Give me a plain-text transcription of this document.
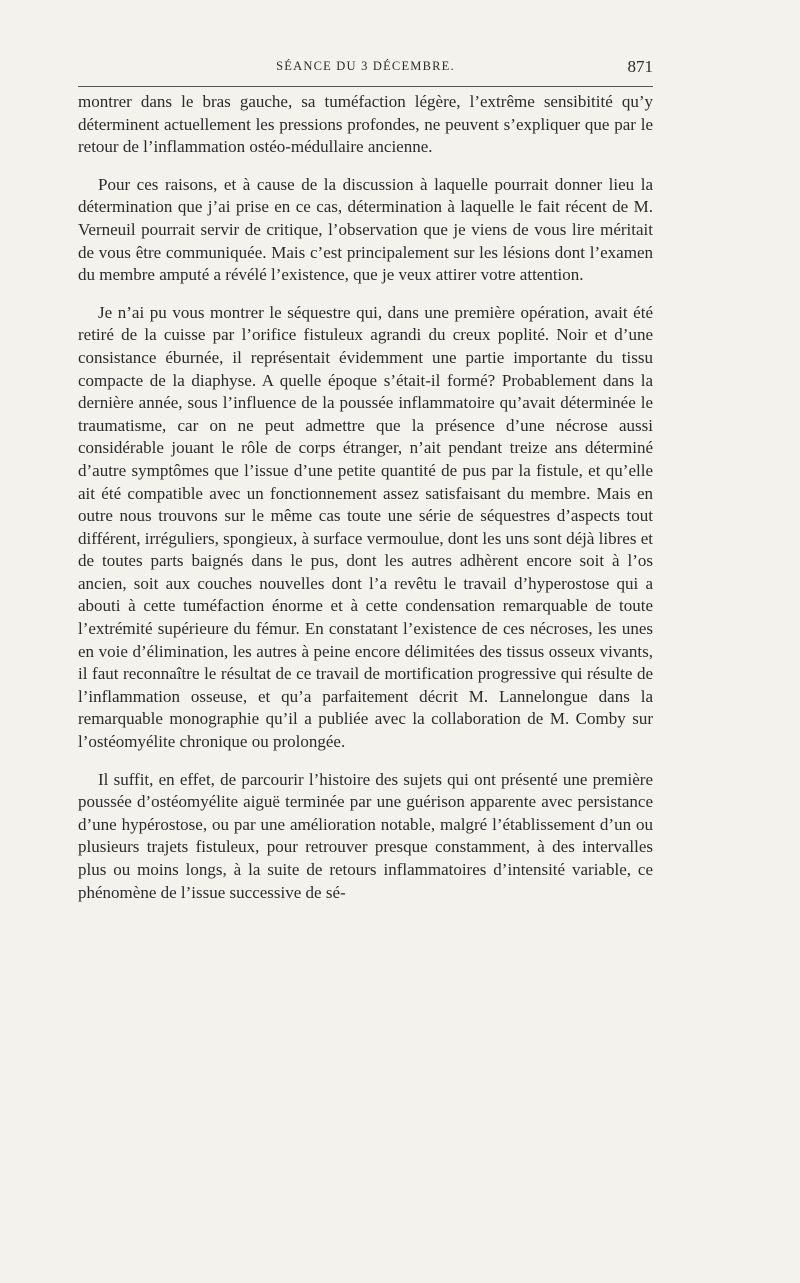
SÉANCE DU 3 DÉCEMBRE.	871

montrer dans le bras gauche, sa tuméfaction légère, l’extrême sensibitité qu’y déterminent actuellement les pressions profondes, ne peuvent s’expliquer que par le retour de l’inflammation ostéo-médullaire ancienne.

Pour ces raisons, et à cause de la discussion à laquelle pourrait donner lieu la détermination que j’ai prise en ce cas, détermination à laquelle le fait récent de M. Verneuil pourrait servir de critique, l’observation que je viens de vous lire méritait de vous être communiquée. Mais c’est principalement sur les lésions dont l’examen du membre amputé a révélé l’existence, que je veux attirer votre attention.

Je n’ai pu vous montrer le séquestre qui, dans une première opération, avait été retiré de la cuisse par l’orifice fistuleux agrandi du creux poplité. Noir et d’une consistance éburnée, il représentait évidemment une partie importante du tissu compacte de la diaphyse. A quelle époque s’était-il formé? Probablement dans la dernière année, sous l’influence de la poussée inflammatoire qu’avait déterminée le traumatisme, car on ne peut admettre que la présence d’une nécrose aussi considérable jouant le rôle de corps étranger, n’ait pendant treize ans déterminé d’autre symptômes que l’issue d’une petite quantité de pus par la fistule, et qu’elle ait été compatible avec un fonctionnement assez satisfaisant du membre. Mais en outre nous trouvons sur le même cas toute une série de séquestres d’aspects tout différent, irréguliers, spongieux, à surface vermoulue, dont les uns sont déjà libres et de toutes parts baignés dans le pus, dont les autres adhèrent encore soit à l’os ancien, soit aux couches nouvelles dont l’a revêtu le travail d’hyperostose qui a abouti à cette tuméfaction énorme et à cette condensation remarquable de toute l’extrémité supérieure du fémur. En constatant l’existence de ces nécroses, les unes en voie d’élimination, les autres à peine encore délimitées des tissus osseux vivants, il faut reconnaître le résultat de ce travail de mortification progressive qui résulte de l’inflammation osseuse, et qu’a parfaitement décrit M. Lannelongue dans la remarquable monographie qu’il a publiée avec la collaboration de M. Comby sur l’ostéomyélite chronique ou prolongée.

Il suffit, en effet, de parcourir l’histoire des sujets qui ont présenté une première poussée d’ostéomyélite aiguë terminée par une guérison apparente avec persistance d’une hypérostose, ou par une amélioration notable, malgré l’établissement d’un ou plusieurs trajets fistuleux, pour retrouver presque constamment, à des intervalles plus ou moins longs, à la suite de retours inflammatoires d’intensité variable, ce phénomène de l’issue successive de sé-
